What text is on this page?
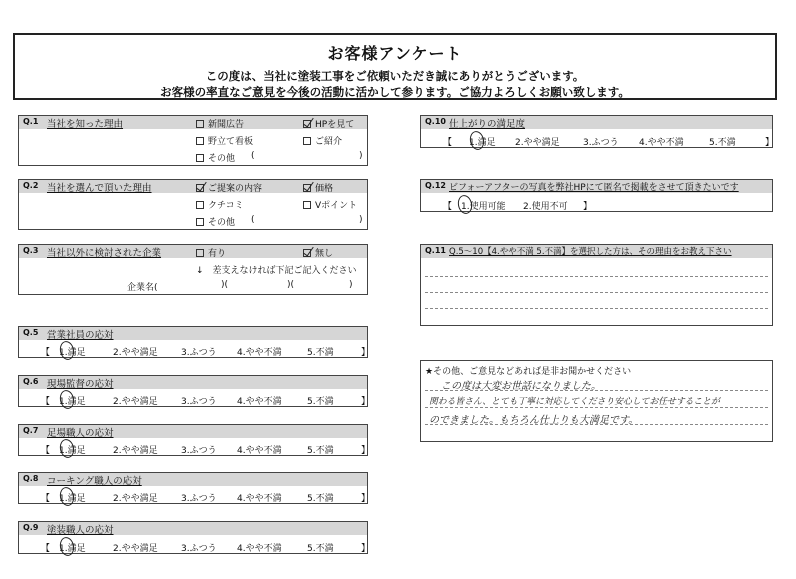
お客様アンケート
この度は、当社に塗装工事をご依頼いただき誠にありがとうございます。
お客様の率直なご意見を今後の活動に活かして参ります。ご協力よろしくお願い致します。
Q.1 当社を知った理由	新聞広告	HPを見て
野立て看板	ご紹介
その他 (	)
Q.2 当社を選んで頂いた理由	ご提案の内容	価格
クチコミ	Vポイント
その他 (	)
Q.3 当社以外に検討された企業	有り	無し
↓　差支えなければ下記ご記入ください
企業名(	)(	)(	)
Q.5 営業社員の応対
【 1.満足	2.やや満足	3.ふつう 4.やや不満	5.不満	】
Q.6 現場監督の応対
【 1.満足	2.やや満足	3.ふつう 4.やや不満	5.不満	】
Q.7 足場職人の応対
【 1.満足	2.やや満足	3.ふつう 4.やや不満	5.不満	】
Q.8 コーキング職人の応対
【 1.満足	2.やや満足	3.ふつう 4.やや不満	5.不満	】
Q.9 塗装職人の応対
【 1.満足	2.やや満足	3.ふつう 4.やや不満	5.不満	】
Q.10 仕上がりの満足度
【 1.満足 2.やや満足	3.ふつう 4.やや不満	5.不満	】
Q.12 ビフォーアフターの写真を弊社HPにて匿名で掲載をさせて頂きたいです
【 1.使用可能 2.使用不可 】
Q.11 Q.5～10【4.やや不満 5.不満】を選択した方は、その理由をお教え下さい
★その他、ご意見などあれば是非お聞かせください
この度は大変お世話になりました。
関わる皆さん、とても丁寧に対応してくださり安心してお任せすることが
のできました。もちろん仕上りも大満足です。
